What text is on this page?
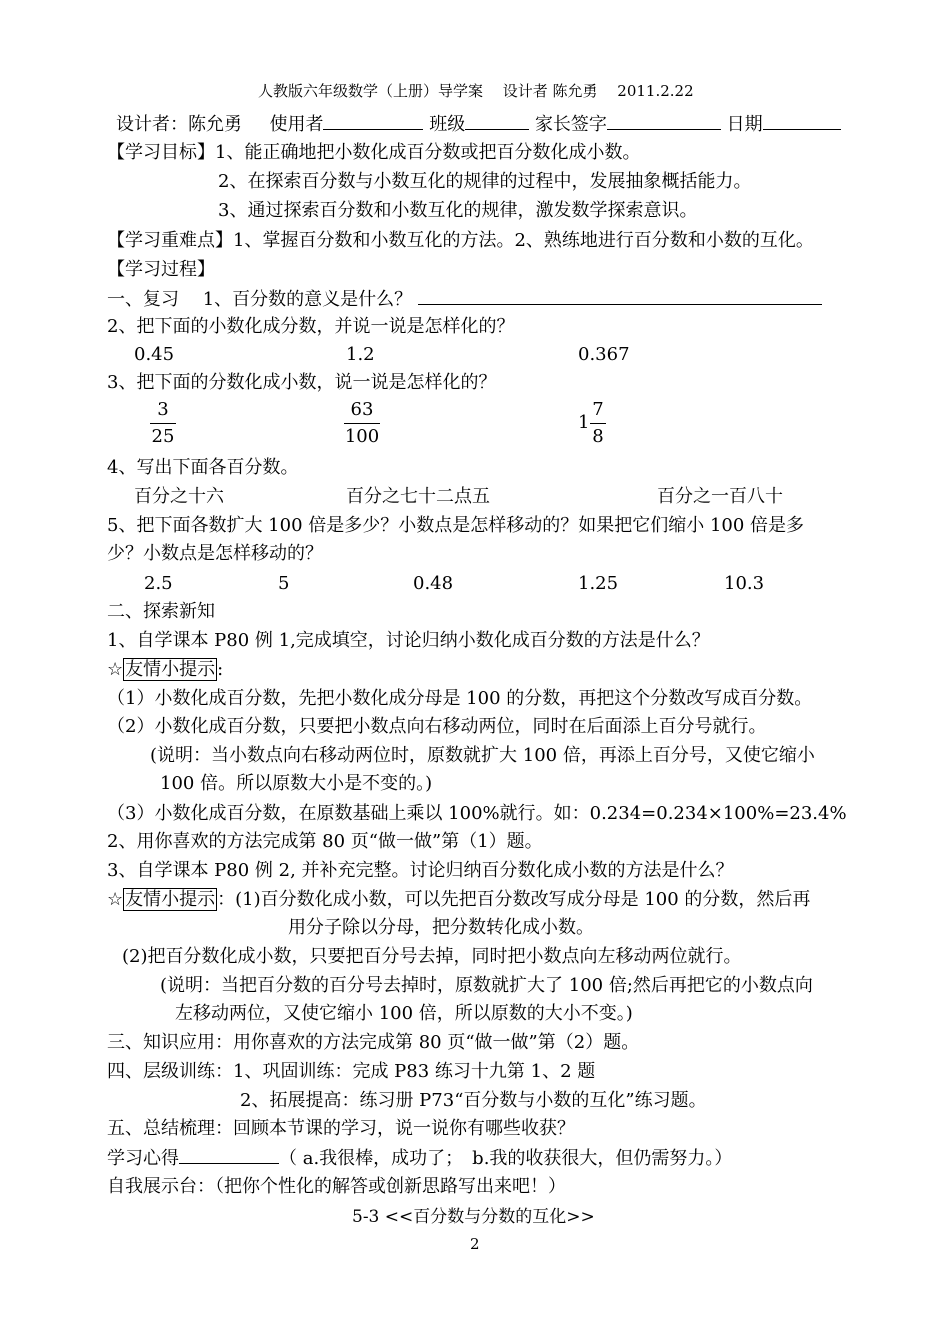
人教版六年级数学（上册）导学案　 设计者 陈允勇　 2011.2.22
设计者：陈允勇 使用者	班级	家长签字	日期
【学习目标】1、能正确地把小数化成百分数或把百分数化成小数。
2、在探索百分数与小数互化的规律的过程中，发展抽象概括能力。
3、通过探索百分数和小数互化的规律，激发数学探索意识。
【学习重难点】1、掌握百分数和小数互化的方法。2、熟练地进行百分数和小数的互化。
【学习过程】
一、复习　 1、百分数的意义是什么？
2、把下面的小数化成分数，并说一说是怎样化的？
0.45	1.2	0.367
3、把下面的分数化成小数，说一说是怎样化的？
3
25
63
100
1
7
8
4、写出下面各百分数。
百分之十六	百分之七十二点五	百分之一百八十
5、把下面各数扩大 100 倍是多少？小数点是怎样移动的？如果把它们缩小 100 倍是多
少？小数点是怎样移动的？
2.5	5	0.48	1.25	10.3
二、探索新知
1、自学课本 P80 例 1,完成填空，讨论归纳小数化成百分数的方法是什么？
☆ 友情小提示 :
（1）小数化成百分数，先把小数化成分母是 100 的分数，再把这个分数改写成百分数。
（2）小数化成百分数，只要把小数点向右移动两位，同时在后面添上百分号就行。
(说明：当小数点向右移动两位时，原数就扩大 100 倍，再添上百分号，又使它缩小
100 倍。所以原数大小是不变的。)
（3）小数化成百分数，在原数基础上乘以 100%就行。如：0.234=0.234×100%=23.4%
2、用你喜欢的方法完成第 80 页“做一做”第（1）题。
3、自学课本 P80 例 2, 并补充完整。讨论归纳百分数化成小数的方法是什么？
☆ 友情小提示 ：(1)百分数化成小数，可以先把百分数改写成分母是 100 的分数，然后再
用分子除以分母，把分数转化成小数。
(2)把百分数化成小数，只要把百分号去掉，同时把小数点向左移动两位就行。
(说明：当把百分数的百分号去掉时，原数就扩大了 100 倍;然后再把它的小数点向
左移动两位，又使它缩小 100 倍，所以原数的大小不变。)
三、知识应用：用你喜欢的方法完成第 80 页“做一做”第（2）题。
四、层级训练：1、巩固训练：完成 P83 练习十九第 1、2 题
2、拓展提高：练习册 P73“百分数与小数的互化”练习题。
五、总结梳理：回顾本节课的学习，说一说你有哪些收获？
学习心得	（ a.我很棒，成功了；　b.我的收获很大，但仍需努力。）
自我展示台：（把你个性化的解答或创新思路写出来吧！）
5-3 <<百分数与分数的互化>>
2
